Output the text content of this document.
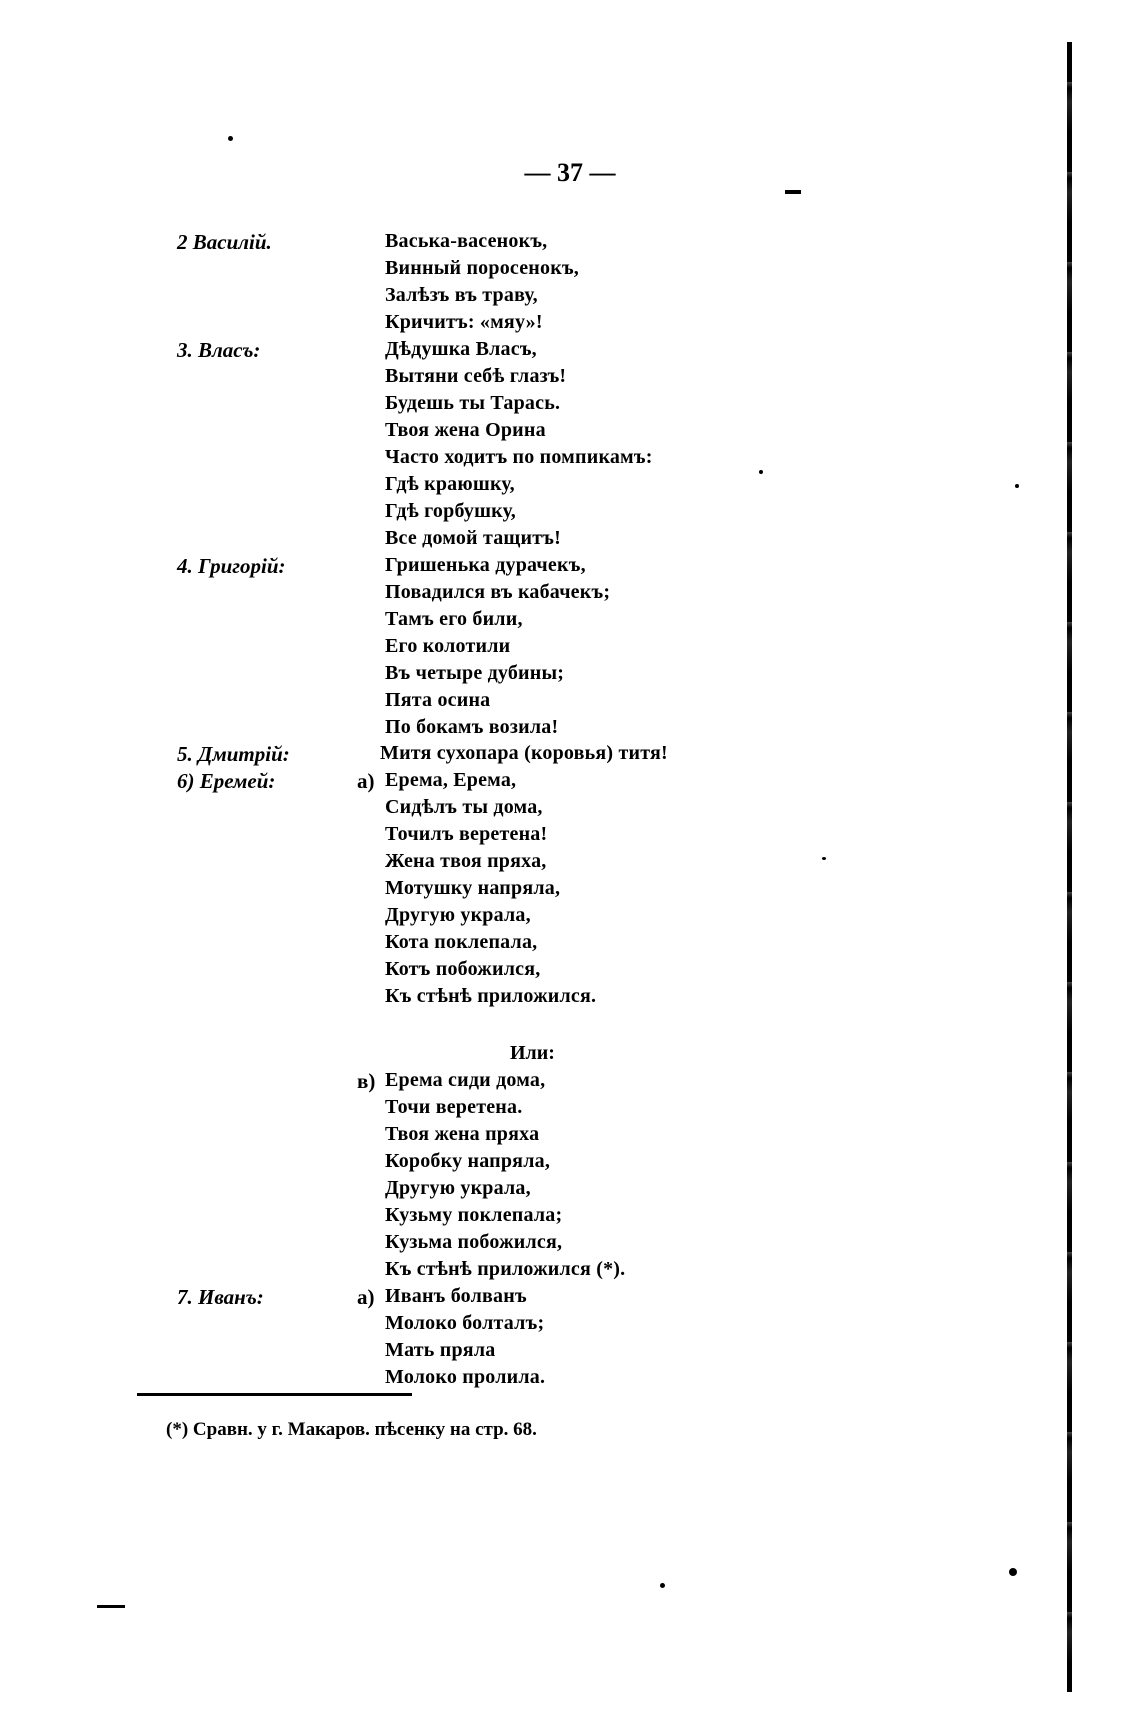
— 37 —
2 Василій.	Васька-васенокъ,
Винный поросенокъ,
Залѣзъ въ траву,
Кричитъ: «мяу»!
3. Власъ:	Дѣдушка Власъ,
Вытяни себѣ глазъ!
Будешь ты Тарась.
Твоя жена Орина
Часто ходитъ по помпикамъ:
Гдѣ краюшку,
Гдѣ горбушку,
Все домой тащитъ!
4. Григорій:	Гришенька дурачекъ,
Повадился въ кабачекъ;
Тамъ его били,
Его колотили
Въ четыре дубины;
Пята осина
По бокамъ возила!
5. Дмитрій:	Митя сухопара (коровья) титя!
6) Еремей:	а) Ерема, Ерема,
Сидѣлъ ты дома,
Точилъ веретена!
Жена твоя пряха,
Мотушку напряла,
Другую украла,
Кота поклепала,
Котъ побожился,
Къ стѣнѣ приложился.
Или:
в) Ерема сиди дома,
Точи веретена.
Твоя жена пряха
Коробку напряла,
Другую украла,
Кузьму поклепала;
Кузьма побожился,
Къ стѣнѣ приложился (*).
7. Иванъ:	а) Иванъ болванъ
Молоко болталъ;
Мать пряла
Молоко пролила.
(*) Сравн. у г. Макаров. пѣсенку на стр. 68.
